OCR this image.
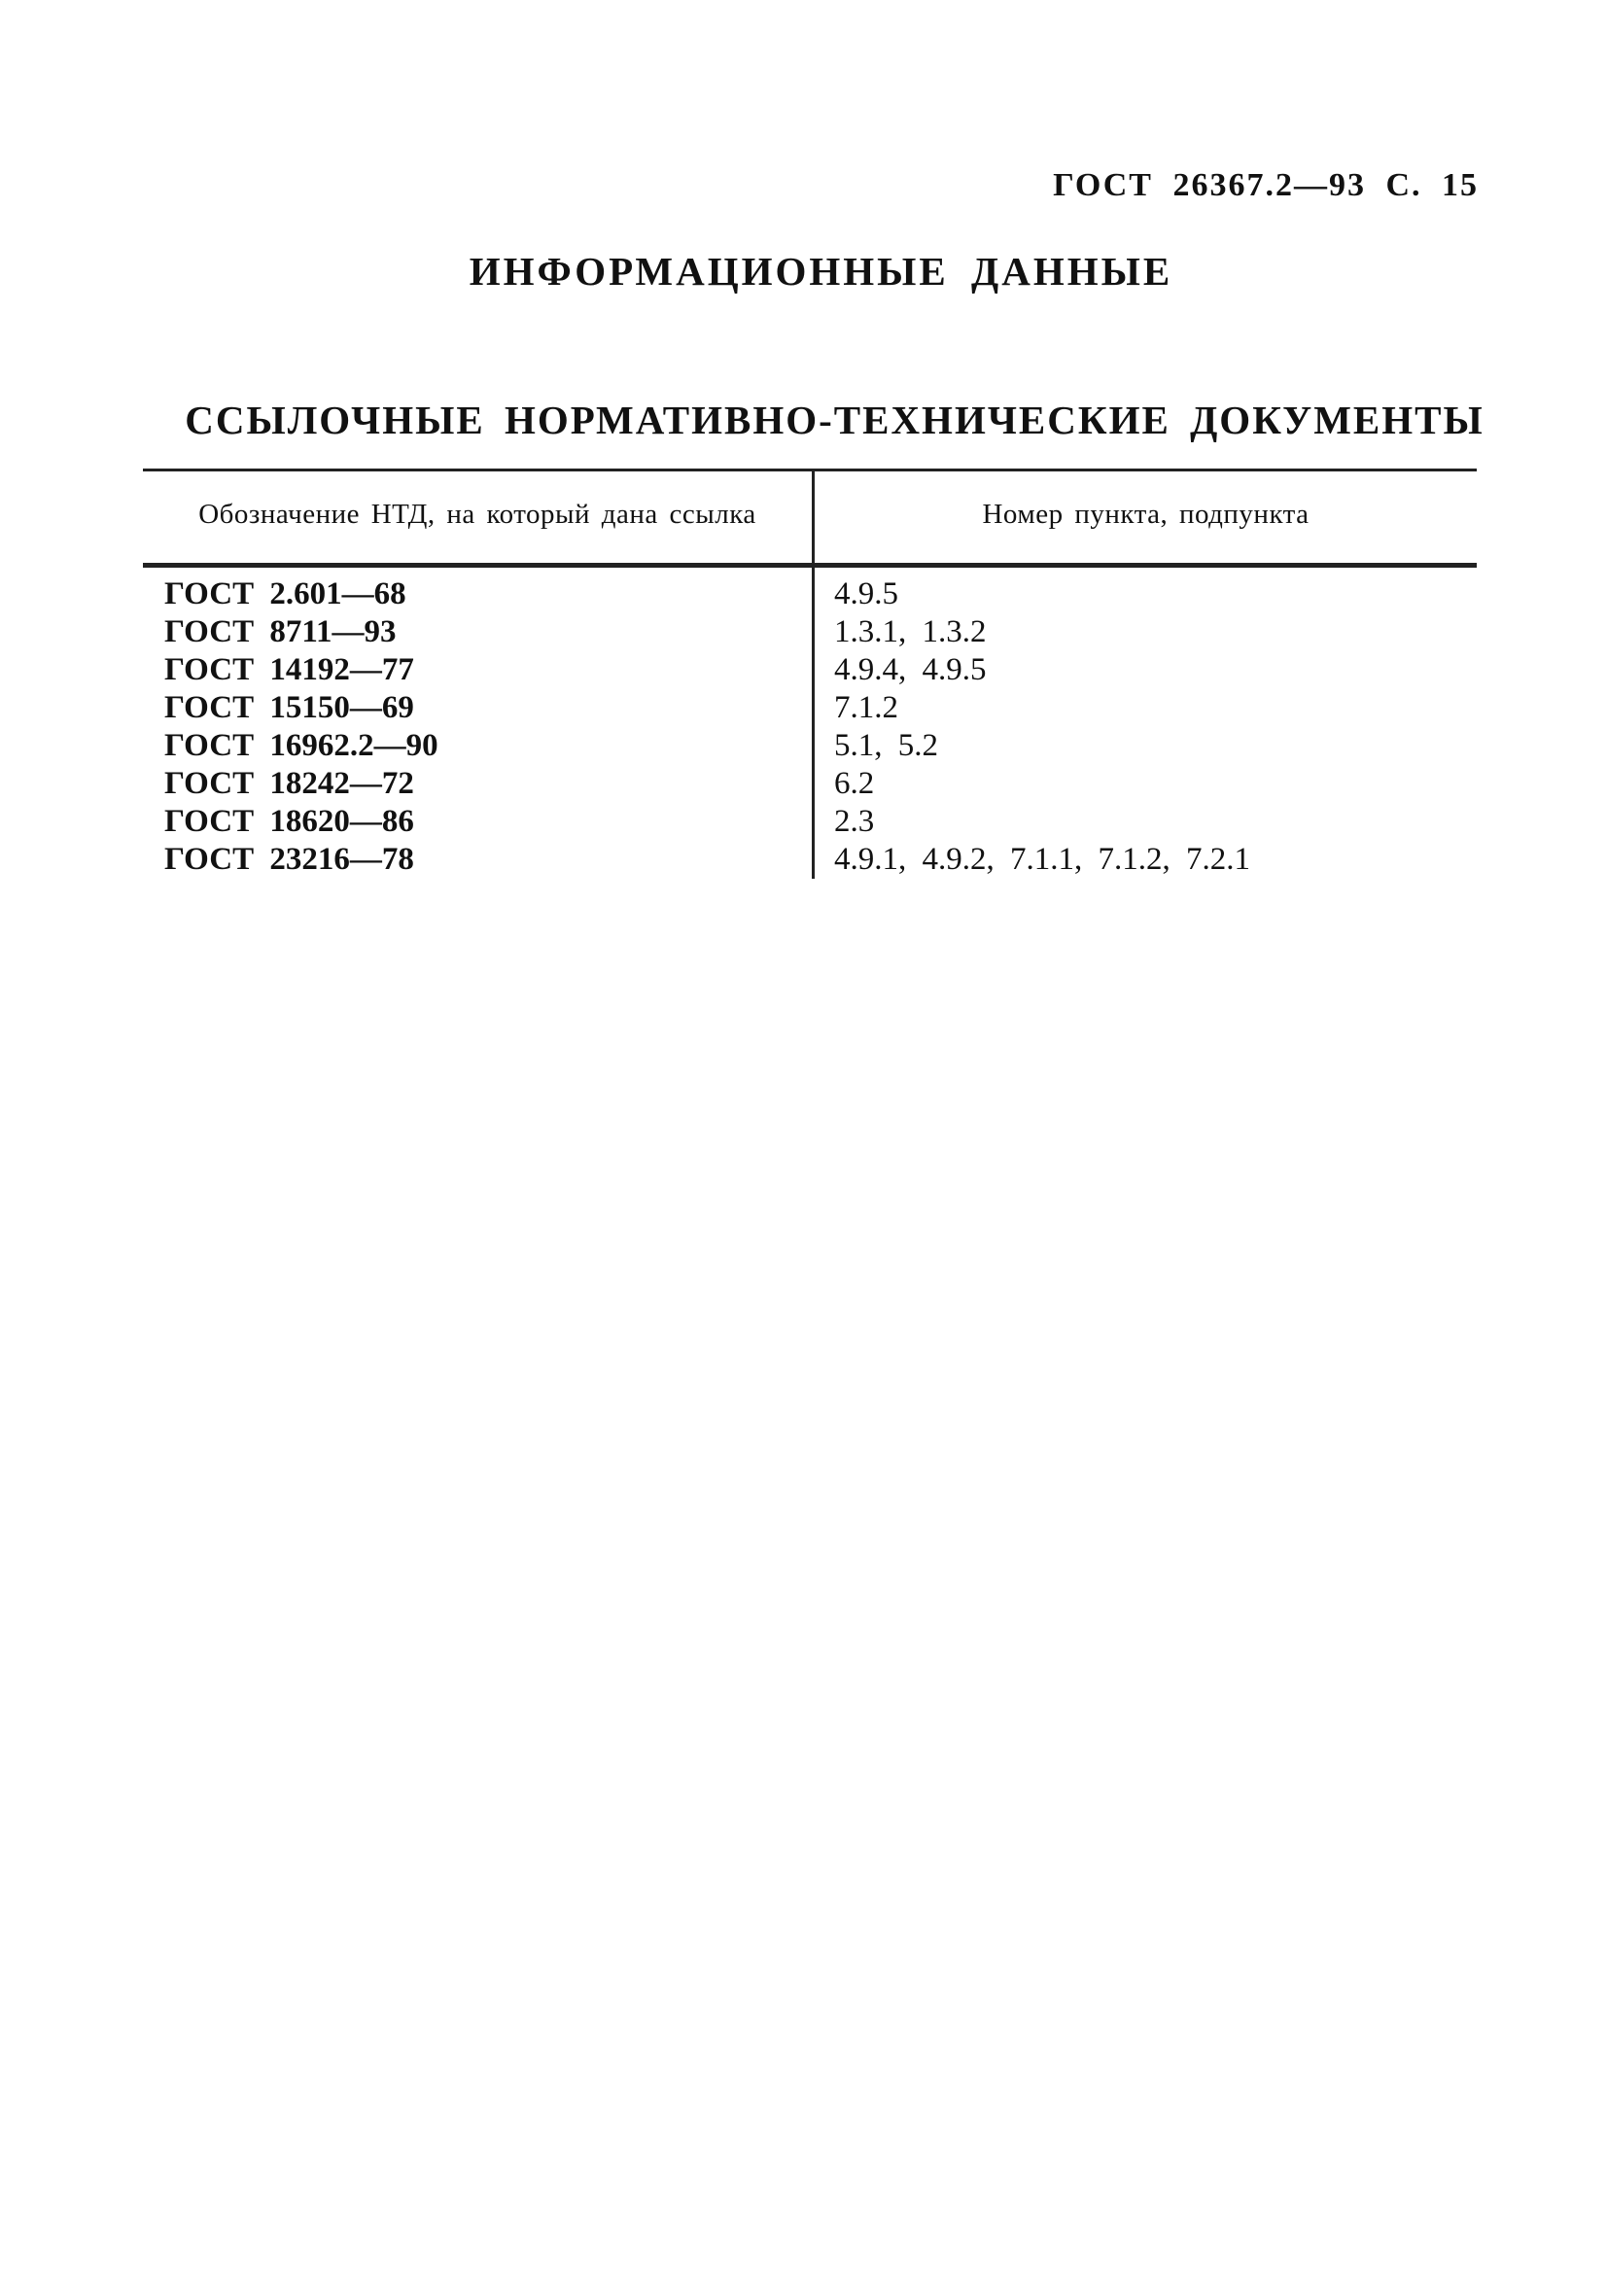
ГОСТ 26367.2—93 С. 15
ИНФОРМАЦИОННЫЕ ДАННЫЕ
ССЫЛОЧНЫЕ НОРМАТИВНО-ТЕХНИЧЕСКИЕ ДОКУМЕНТЫ
Обозначение НТД, на который дана ссылка	Номер пункта, подпункта
ГОСТ 2.601—68	4.9.5
ГОСТ 8711—93	1.3.1, 1.3.2
ГОСТ 14192—77	4.9.4, 4.9.5
ГОСТ 15150—69	7.1.2
ГОСТ 16962.2—90	5.1, 5.2
ГОСТ 18242—72	6.2
ГОСТ 18620—86	2.3
ГОСТ 23216—78	4.9.1, 4.9.2, 7.1.1, 7.1.2, 7.2.1
